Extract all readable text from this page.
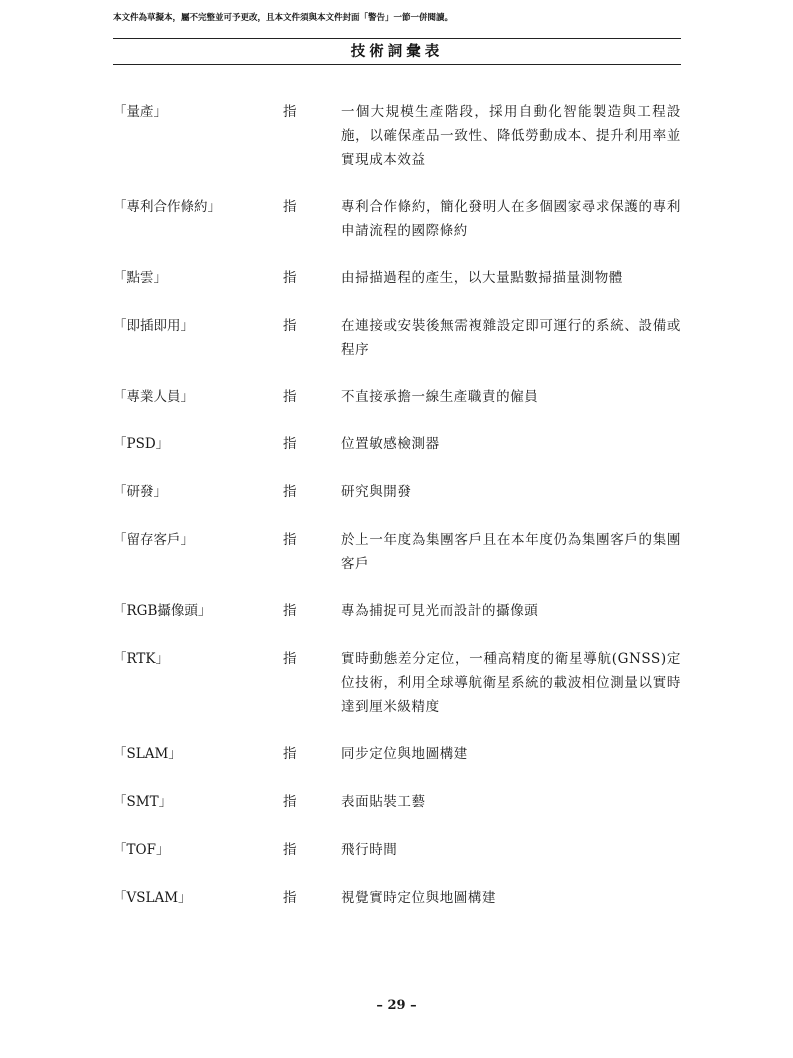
本文件為草擬本，屬不完整並可予更改，且本文件須與本文件封面「警告」一節一併閱讀。
技術詞彙表
「量產」	指	一個大規模生產階段，採用自動化智能製造與工程設施，以確保產品一致性、降低勞動成本、提升利用率並實現成本效益
「專利合作條約」	指	專利合作條約，簡化發明人在多個國家尋求保護的專利申請流程的國際條約
「點雲」	指	由掃描過程的產生，以大量點數掃描量測物體
「即插即用」	指	在連接或安裝後無需複雜設定即可運行的系統、設備或程序
「專業人員」	指	不直接承擔一線生產職責的僱員
「PSD」	指	位置敏感檢測器
「研發」	指	研究與開發
「留存客戶」	指	於上一年度為集團客戶且在本年度仍為集團客戶的集團客戶
「RGB攝像頭」	指	專為捕捉可見光而設計的攝像頭
「RTK」	指	實時動態差分定位，一種高精度的衛星導航(GNSS)定位技術，利用全球導航衛星系統的載波相位測量以實時達到厘米級精度
「SLAM」	指	同步定位與地圖構建
「SMT」	指	表面貼裝工藝
「TOF」	指	飛行時間
「VSLAM」	指	視覺實時定位與地圖構建
– 29 –
